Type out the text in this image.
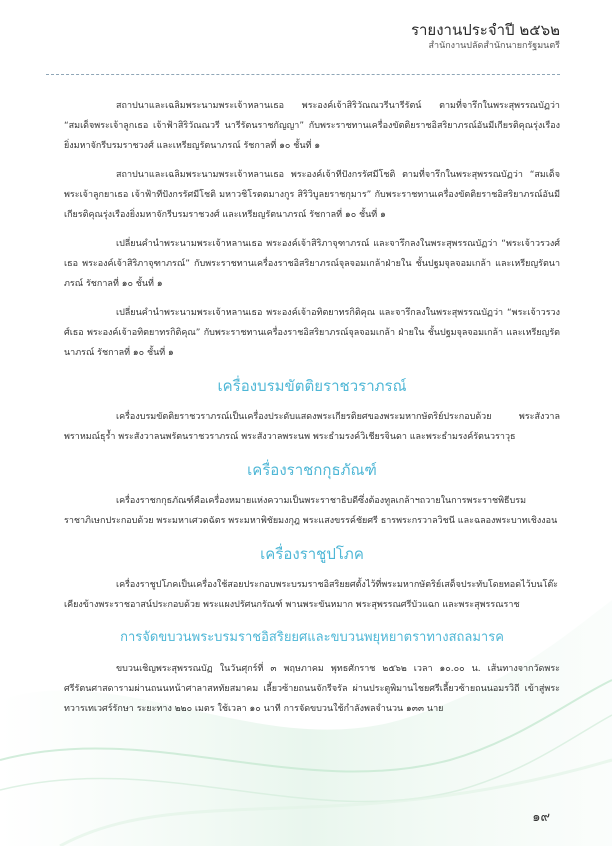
รายงานประจำปี ๒๕๖๒
สำนักงานปลัดสำนักนายกรัฐมนตรี

สถาปนาและเฉลิมพระนามพระเจ้าหลานเธอ พระองค์เจ้าสิริวัณณวรีนารีรัตน์ ตามที่จารึกในพระสุพรรณบัฏว่า “สมเด็จพระเจ้าลูกเธอ เจ้าฟ้าสิริวัณณวรี นารีรัตนราชกัญญา” กับพระราชทานเครื่องขัตติยราชอิสริยาภรณ์อันมีเกียรติคุณรุ่งเรืองยิ่งมหาจักรีบรมราชวงศ์ และเหรียญรัตนาภรณ์ รัชกาลที่ ๑๐ ชั้นที่ ๑

สถาปนาและเฉลิมพระนามพระเจ้าหลานเธอ พระองค์เจ้าทีปังกรรัศมีโชติ ตามที่จารึกในพระสุพรรณบัฏว่า “สมเด็จพระเจ้าลูกยาเธอ เจ้าฟ้าทีปังกรรัศมีโชติ มหาวชิโรตตมางกูร สิริวิบูลยราชกุมาร” กับพระราชทานเครื่องขัตติยราชอิสริยาภรณ์อันมีเกียรติคุณรุ่งเรืองยิ่งมหาจักรีบรมราชวงศ์ และเหรียญรัตนาภรณ์ รัชกาลที่ ๑๐ ชั้นที่ ๑

เปลี่ยนคำนำพระนามพระเจ้าหลานเธอ พระองค์เจ้าสิริภาจุฑาภรณ์ และจารึกลงในพระสุพรรณบัฏว่า “พระเจ้าวรวงศ์เธอ พระองค์เจ้าสิริภาจุฑาภรณ์” กับพระราชทานเครื่องราชอิสริยาภรณ์จุลจอมเกล้าฝ่ายใน ชั้นปฐมจุลจอมเกล้า และเหรียญรัตนาภรณ์ รัชกาลที่ ๑๐ ชั้นที่ ๑

เปลี่ยนคำนำพระนามพระเจ้าหลานเธอ พระองค์เจ้าอทิตยาทรกิติคุณ และจารึกลงในพระสุพรรณบัฏว่า “พระเจ้าวรวงศ์เธอ พระองค์เจ้าอทิตยาทรกิติคุณ” กับพระราชทานเครื่องราชอิสริยาภรณ์จุลจอมเกล้า ฝ่ายใน ชั้นปฐมจุลจอมเกล้า และเหรียญรัตนาภรณ์ รัชกาลที่ ๑๐ ชั้นที่ ๑

เครื่องบรมขัตติยราชวราภรณ์

เครื่องบรมขัตติยราชวราภรณ์เป็นเครื่องประดับแสดงพระเกียรติยศของพระมหากษัตริย์ประกอบด้วย พระสังวาลพราหมณ์ธุร้ำ พระสังวาลนพรัตนราชวราภรณ์ พระสังวาลพระนพ พระธำมรงค์วิเชียรจินดา และพระธำมรงค์รัตนวราวุธ

เครื่องราชกกุธภัณฑ์

เครื่องราชกกุธภัณฑ์คือเครื่องหมายแห่งความเป็นพระราชาธิบดีซึ่งต้องทูลเกล้าฯถวายในการพระราชพิธีบรมราชาภิเษกประกอบด้วย พระมหาเศวตฉัตร พระมหาพิชัยมงกุฎ พระแสงขรรค์ชัยศรี ธารพระกรวาลวิชนี และฉลองพระบาทเชิงงอน

เครื่องราชูปโภค

เครื่องราชูปโภคเป็นเครื่องใช้สอยประกอบพระบรมราชอิสริยยศตั้งไว้ที่พระมหากษัตริย์เสด็จประทับโดยทอดไว้บนโต๊ะเคียงข้างพระราชอาสน์ประกอบด้วย พระแผงปรัศนกรัณฑ์ พานพระขันหมาก พระสุพรรณศรีบัวแฉก และพระสุพรรณราช

การจัดขบวนพระบรมราชอิสริยยศและขบวนพยุหยาตราทางสถลมารค

ขบวนเชิญพระสุพรรณบัฏ ในวันศุกร์ที่ ๓ พฤษภาคม พุทธศักราช ๒๕๖๒ เวลา ๑๐.๐๐ น. เส้นทางจากวัดพระศรีรัตนศาสดารามผ่านถนนหน้าศาลาสหทัยสมาคม เลี้ยวซ้ายถนนจักรีจรัล ผ่านประตูพิมานไชยศรีเลี้ยวซ้ายถนนอมรวิถี เข้าสู่พระทวารเทเวศร์รักษา ระยะทาง ๒๒๐ เมตร ใช้เวลา ๑๐ นาที การจัดขบวนใช้กำลังพลจำนวน ๑๓๓ นาย

๑๙
